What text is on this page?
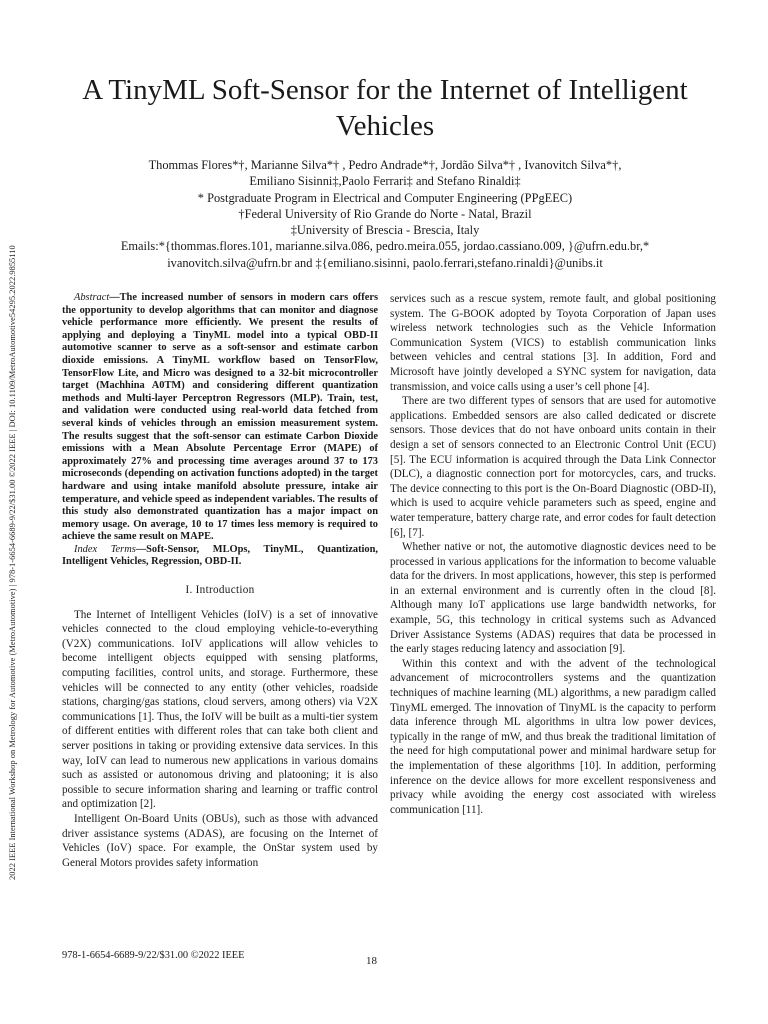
2022 IEEE International Workshop on Metrology for Automotive (MetroAutomotive) | 978-1-6654-6689-9/22/$31.00 ©2022 IEEE | DOI: 10.1109/MetroAutomotive54295.2022.9855110
A TinyML Soft-Sensor for the Internet of Intelligent Vehicles
Thommas Flores*†, Marianne Silva*† , Pedro Andrade*†, Jordão Silva*† , Ivanovitch Silva*†,
Emiliano Sisinni‡,Paolo Ferrari‡ and Stefano Rinaldi‡
* Postgraduate Program in Electrical and Computer Engineering (PPgEEC)
†Federal University of Rio Grande do Norte - Natal, Brazil
‡University of Brescia - Brescia, Italy
Emails:*{thommas.flores.101, marianne.silva.086, pedro.meira.055, jordao.cassiano.009, }@ufrn.edu.br,*
ivanovitch.silva@ufrn.br and ‡{emiliano.sisinni, paolo.ferrari,stefano.rinaldi}@unibs.it

Abstract—The increased number of sensors in modern cars offers the opportunity to develop algorithms that can monitor and diagnose vehicle performance more efficiently. We present the results of applying and deploying a TinyML model into a typical OBD-II automotive scanner to serve as a soft-sensor and estimate carbon dioxide emissions. A TinyML workflow based on TensorFlow, TensorFlow Lite, and Micro was designed to a 32-bit microcontroller target (Machhina A0TM) and considering different quantization methods and Multi-layer Perceptron Regressors (MLP). Train, test, and validation were conducted using real-world data fetched from several kinds of vehicles through an emission measurement system. The results suggest that the soft-sensor can estimate Carbon Dioxide emissions with a Mean Absolute Percentage Error (MAPE) of approximately 27% and processing time averages around 37 to 173 microseconds (depending on activation functions adopted) in the target hardware and using intake manifold absolute pressure, intake air temperature, and vehicle speed as independent variables. The results of this study also demonstrated quantization has a major impact on memory usage. On average, 10 to 17 times less memory is required to achieve the same result on MAPE.

Index Terms—Soft-Sensor, MLOps, TinyML, Quantization, Intelligent Vehicles, Regression, OBD-II.

I. Introduction

The Internet of Intelligent Vehicles (IoIV) is a set of innovative vehicles connected to the cloud employing vehicle-to-everything (V2X) communications. IoIV applications will allow vehicles to become intelligent objects equipped with sensing platforms, computing facilities, control units, and storage. Furthermore, these vehicles will be connected to any entity (other vehicles, roadside stations, charging/gas stations, cloud servers, among others) via V2X communications [1]. Thus, the IoIV will be built as a multi-tier system of different entities with different roles that can take both client and server positions in taking or providing extensive data services. In this way, IoIV can lead to numerous new applications in various domains such as assisted or autonomous driving and platooning; it is also possible to secure information sharing and learning or traffic control and optimization [2].

Intelligent On-Board Units (OBUs), such as those with advanced driver assistance systems (ADAS), are focusing on the Internet of Vehicles (IoV) space. For example, the OnStar system used by General Motors provides safety information

services such as a rescue system, remote fault, and global positioning system. The G-BOOK adopted by Toyota Corporation of Japan uses wireless network technologies such as the Vehicle Information Communication System (VICS) to establish communication links between vehicles and central stations [3]. In addition, Ford and Microsoft have jointly developed a SYNC system for navigation, data transmission, and voice calls using a user’s cell phone [4].

There are two different types of sensors that are used for automotive applications. Embedded sensors are also called dedicated or discrete sensors. Those devices that do not have onboard units contain in their design a set of sensors connected to an Electronic Control Unit (ECU) [5]. The ECU information is acquired through the Data Link Connector (DLC), a diagnostic connection port for motorcycles, cars, and trucks. The device connecting to this port is the On-Board Diagnostic (OBD-II), which is used to acquire vehicle parameters such as speed, engine and water temperature, battery charge rate, and error codes for fault detection [6], [7].

Whether native or not, the automotive diagnostic devices need to be processed in various applications for the information to become valuable data for the drivers. In most applications, however, this step is performed in an external environment and is currently often in the cloud [8]. Although many IoT applications use large bandwidth networks, for example, 5G, this technology in critical systems such as Advanced Driver Assistance Systems (ADAS) requires that data be processed in the early stages reducing latency and association [9].

Within this context and with the advent of the technological advancement of microcontrollers systems and the quantization techniques of machine learning (ML) algorithms, a new paradigm called TinyML emerged. The innovation of TinyML is the capacity to perform data inference through ML algorithms in ultra low power devices, typically in the range of mW, and thus break the traditional limitation of the need for high computational power and minimal hardware setup for the implementation of these algorithms [10]. In addition, performing inference on the device allows for more excellent responsiveness and privacy while avoiding the energy cost associated with wireless communication [11].

978-1-6654-6689-9/22/$31.00 ©2022 IEEE	18
